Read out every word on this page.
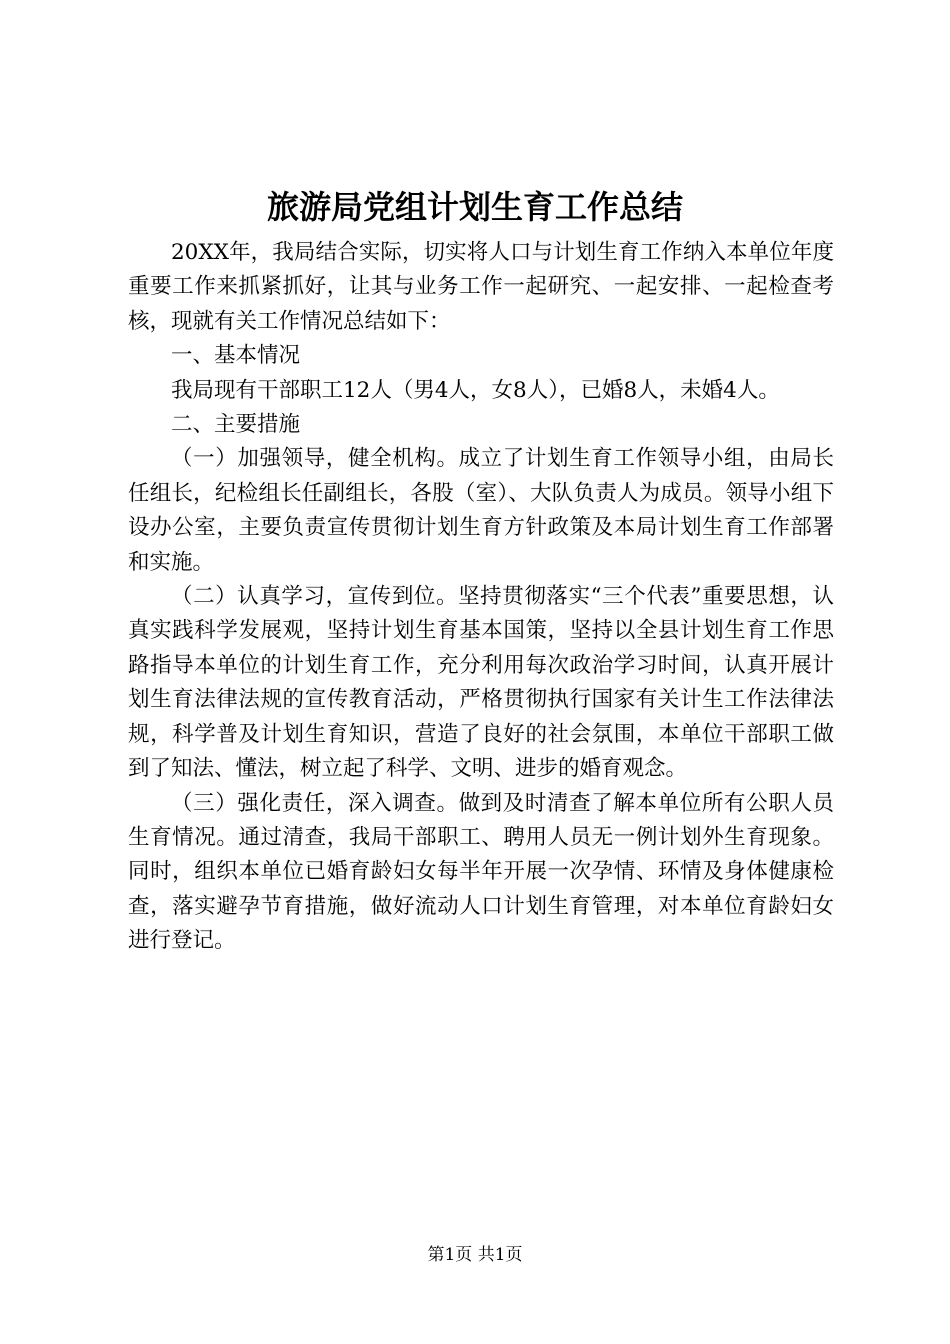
旅游局党组计划生育工作总结

20XX年，我局结合实际，切实将人口与计划生育工作纳入本单位年度重要工作来抓紧抓好，让其与业务工作一起研究、一起安排、一起检查考核，现就有关工作情况总结如下：

一、基本情况

我局现有干部职工12人（男4人，女8人），已婚8人，未婚4人。

二、主要措施

（一）加强领导，健全机构。成立了计划生育工作领导小组，由局长任组长，纪检组长任副组长，各股（室）、大队负责人为成员。领导小组下设办公室，主要负责宣传贯彻计划生育方针政策及本局计划生育工作部署和实施。

（二）认真学习，宣传到位。坚持贯彻落实“三个代表”重要思想，认真实践科学发展观，坚持计划生育基本国策，坚持以全县计划生育工作思路指导本单位的计划生育工作，充分利用每次政治学习时间，认真开展计划生育法律法规的宣传教育活动，严格贯彻执行国家有关计生工作法律法规，科学普及计划生育知识，营造了良好的社会氛围，本单位干部职工做到了知法、懂法，树立起了科学、文明、进步的婚育观念。

（三）强化责任，深入调查。做到及时清查了解本单位所有公职人员生育情况。通过清查，我局干部职工、聘用人员无一例计划外生育现象。同时，组织本单位已婚育龄妇女每半年开展一次孕情、环情及身体健康检查，落实避孕节育措施，做好流动人口计划生育管理，对本单位育龄妇女进行登记。

第1页 共1页
